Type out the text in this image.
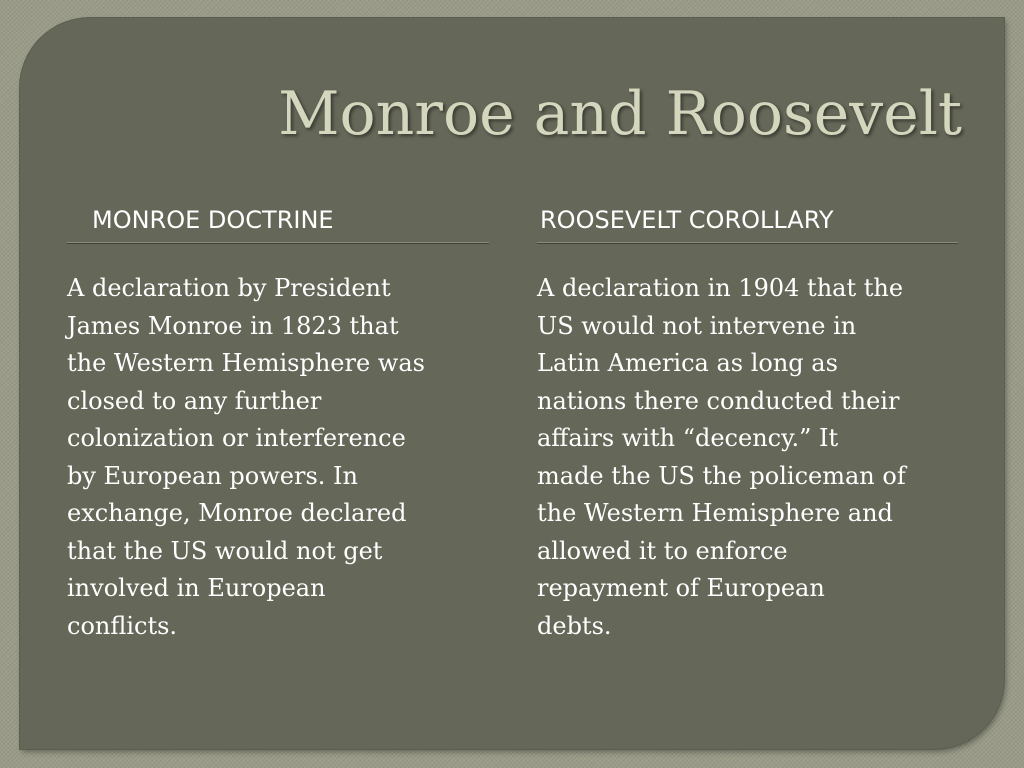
Monroe and Roosevelt
MONROE DOCTRINE

A declaration by President
James Monroe in 1823 that
the Western Hemisphere was
closed to any further
colonization or interference
by European powers. In
exchange, Monroe declared
that the US would not get
involved in European
conflicts.

ROOSEVELT COROLLARY

A declaration in 1904 that the
US would not intervene in
Latin America as long as
nations there conducted their
affairs with “decency.” It
made the US the policeman of
the Western Hemisphere and
allowed it to enforce
repayment of European
debts.
